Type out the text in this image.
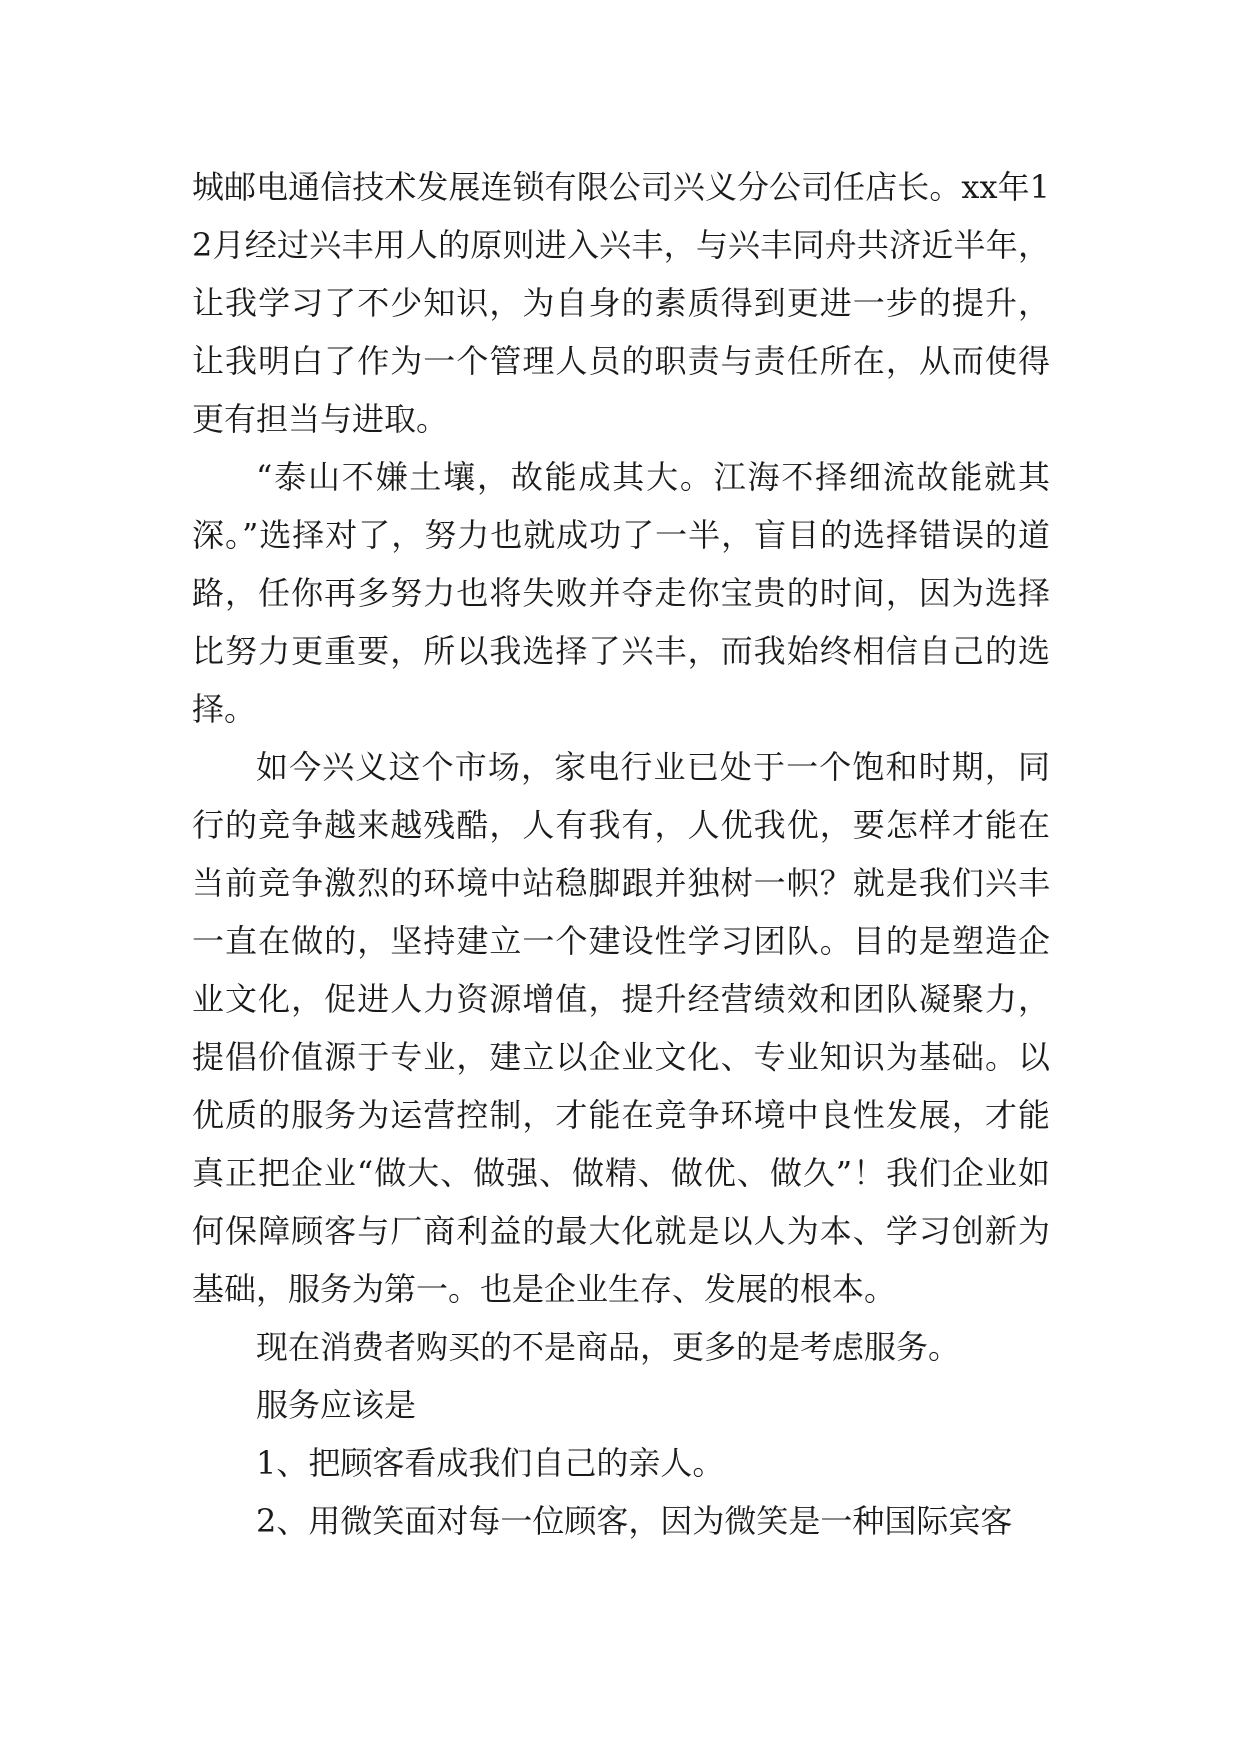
城邮电通信技术发展连锁有限公司兴义分公司任店长。xx年12月经过兴丰用人的原则进入兴丰，与兴丰同舟共济近半年，让我学习了不少知识，为自身的素质得到更进一步的提升，让我明白了作为一个管理人员的职责与责任所在，从而使得更有担当与进取。

“泰山不嫌土壤，故能成其大。江海不择细流故能就其深。”选择对了，努力也就成功了一半，盲目的选择错误的道路，任你再多努力也将失败并夺走你宝贵的时间，因为选择比努力更重要，所以我选择了兴丰，而我始终相信自己的选择。

如今兴义这个市场，家电行业已处于一个饱和时期，同行的竞争越来越残酷，人有我有，人优我优，要怎样才能在当前竞争激烈的环境中站稳脚跟并独树一帜？就是我们兴丰一直在做的，坚持建立一个建设性学习团队。目的是塑造企业文化，促进人力资源增值，提升经营绩效和团队凝聚力，提倡价值源于专业，建立以企业文化、专业知识为基础。以优质的服务为运营控制，才能在竞争环境中良性发展，才能真正把企业“做大、做强、做精、做优、做久”！我们企业如何保障顾客与厂商利益的最大化就是以人为本、学习创新为基础，服务为第一。也是企业生存、发展的根本。

现在消费者购买的不是商品，更多的是考虑服务。

服务应该是

1、把顾客看成我们自己的亲人。

2、用微笑面对每一位顾客，因为微笑是一种国际宾客
